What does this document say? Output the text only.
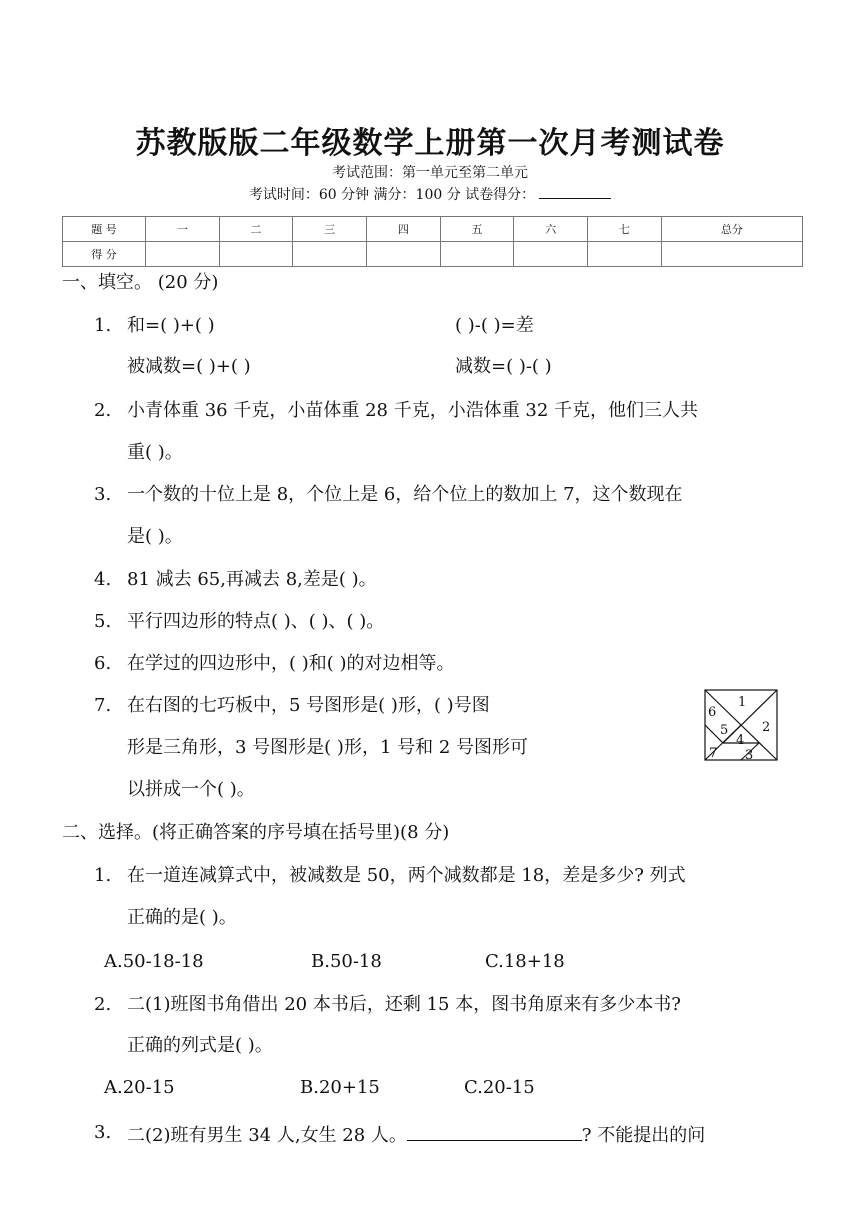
苏教版版二年级数学上册第一次月考测试卷
考试范围：第一单元至第二单元
考试时间：60 分钟 满分：100 分 试卷得分：
题 号	一	二	三	四	五	六	七	总分
得 分								
一、填空。 (20 分)
1. 和=( )+( )	( )-( )=差
被减数=( )+( )	减数=( )-( )
2. 小青体重 36 千克，小苗体重 28 千克，小浩体重 32 千克，他们三人共
重( )。
3. 一个数的十位上是 8，个位上是 6，给个位上的数加上 7，这个数现在
是( )。
4. 81 减去 65,再减去 8,差是( )。
5. 平行四边形的特点( )、( )、( )。
6. 在学过的四边形中，( )和( )的对边相等。
7. 在右图的七巧板中，5 号图形是( )形，( )号图
形是三角形，3 号图形是( )形，1 号和 2 号图形可
以拼成一个( )。
1
2
3
4
5
6
7
二、选择。(将正确答案的序号填在括号里)(8 分)
1. 在一道连减算式中，被减数是 50，两个减数都是 18，差是多少? 列式
正确的是( )。
A.50-18-18	B.50-18	C.18+18
2. 二(1)班图书角借出 20 本书后，还剩 15 本，图书角原来有多少本书?
正确的列式是( )。
A.20-15	B.20+15	C.20-15
3. 二(2)班有男生 34 人,女生 28 人。	? 不能提出的问
